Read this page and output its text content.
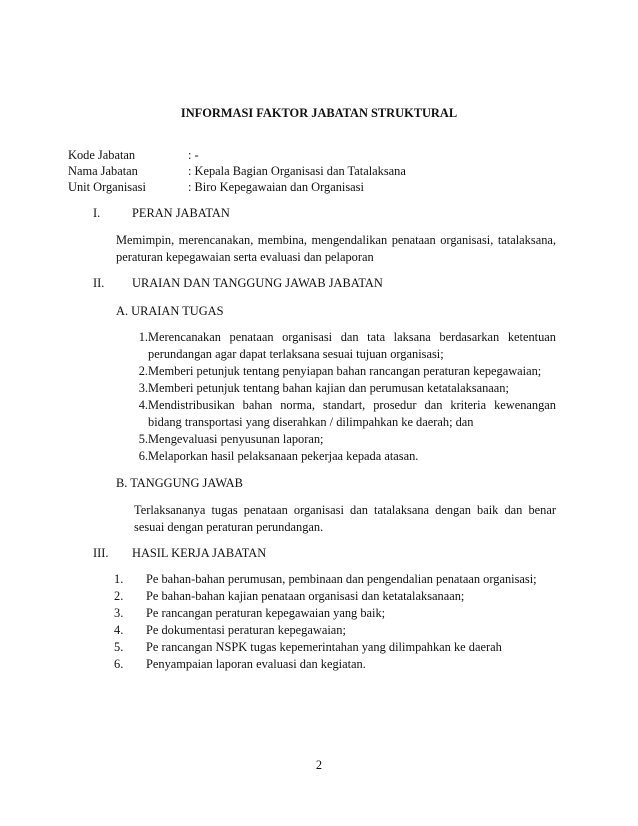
INFORMASI FAKTOR JABATAN STRUKTURAL
Kode Jabatan	: -
Nama Jabatan	: Kepala Bagian Organisasi dan Tatalaksana
Unit Organisasi	: Biro Kepegawaian dan Organisasi
I.	PERAN JABATAN
Memimpin, merencanakan, membina, mengendalikan penataan organisasi, tatalaksana,
peraturan kepegawaian serta evaluasi dan pelaporan
II. URAIAN DAN TANGGUNG JAWAB JABATAN
A. URAIAN TUGAS
1. Merencanakan penataan organisasi dan tata laksana berdasarkan ketentuan
perundangan agar dapat terlaksana sesuai tujuan organisasi;
2. Memberi petunjuk tentang penyiapan bahan rancangan peraturan kepegawaian;
3. Memberi petunjuk tentang bahan kajian dan perumusan ketatalaksanaan;
4. Mendistribusikan bahan norma, standart, prosedur dan kriteria kewenangan
bidang transportasi yang diserahkan / dilimpahkan ke daerah; dan
5. Mengevaluasi penyusunan laporan;
6. Melaporkan hasil pelaksanaan pekerjaa kepada atasan.
B. TANGGUNG JAWAB
Terlaksananya tugas penataan organisasi dan tatalaksana dengan baik dan benar
sesuai dengan peraturan perundangan.
III. HASIL KERJA JABATAN
1.	Pe bahan-bahan perumusan, pembinaan dan pengendalian penataan organisasi;
2.	Pe bahan-bahan kajian penataan organisasi dan ketatalaksanaan;
3.	Pe rancangan peraturan kepegawaian yang baik;
4.	Pe dokumentasi peraturan kepegawaian;
5.	Pe rancangan NSPK tugas kepemerintahan yang dilimpahkan ke daerah
6.	Penyampaian laporan evaluasi dan kegiatan.
2
